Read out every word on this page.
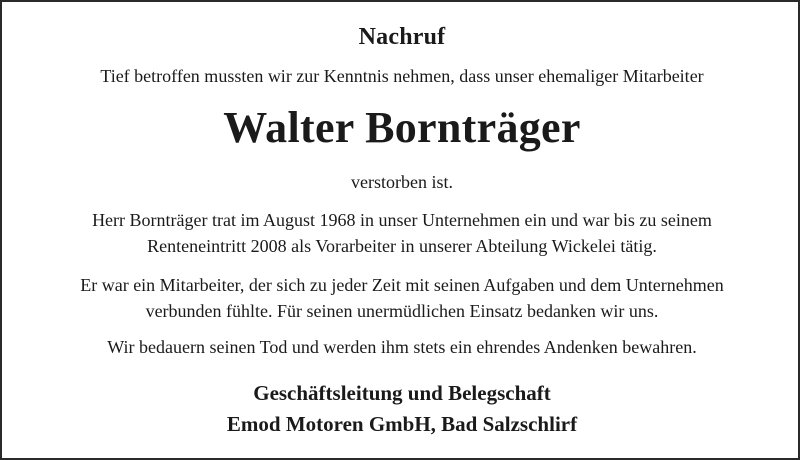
Nachruf
Tief betroffen mussten wir zur Kenntnis nehmen, dass unser ehemaliger Mitarbeiter
Walter Bornträger
verstorben ist.
Herr Bornträger trat im August 1968 in unser Unternehmen ein und war bis zu seinem
Renteneintritt 2008 als Vorarbeiter in unserer Abteilung Wickelei tätig.
Er war ein Mitarbeiter, der sich zu jeder Zeit mit seinen Aufgaben und dem Unternehmen
verbunden fühlte. Für seinen unermüdlichen Einsatz bedanken wir uns.
Wir bedauern seinen Tod und werden ihm stets ein ehrendes Andenken bewahren.
Geschäftsleitung und Belegschaft
Emod Motoren GmbH, Bad Salzschlirf
